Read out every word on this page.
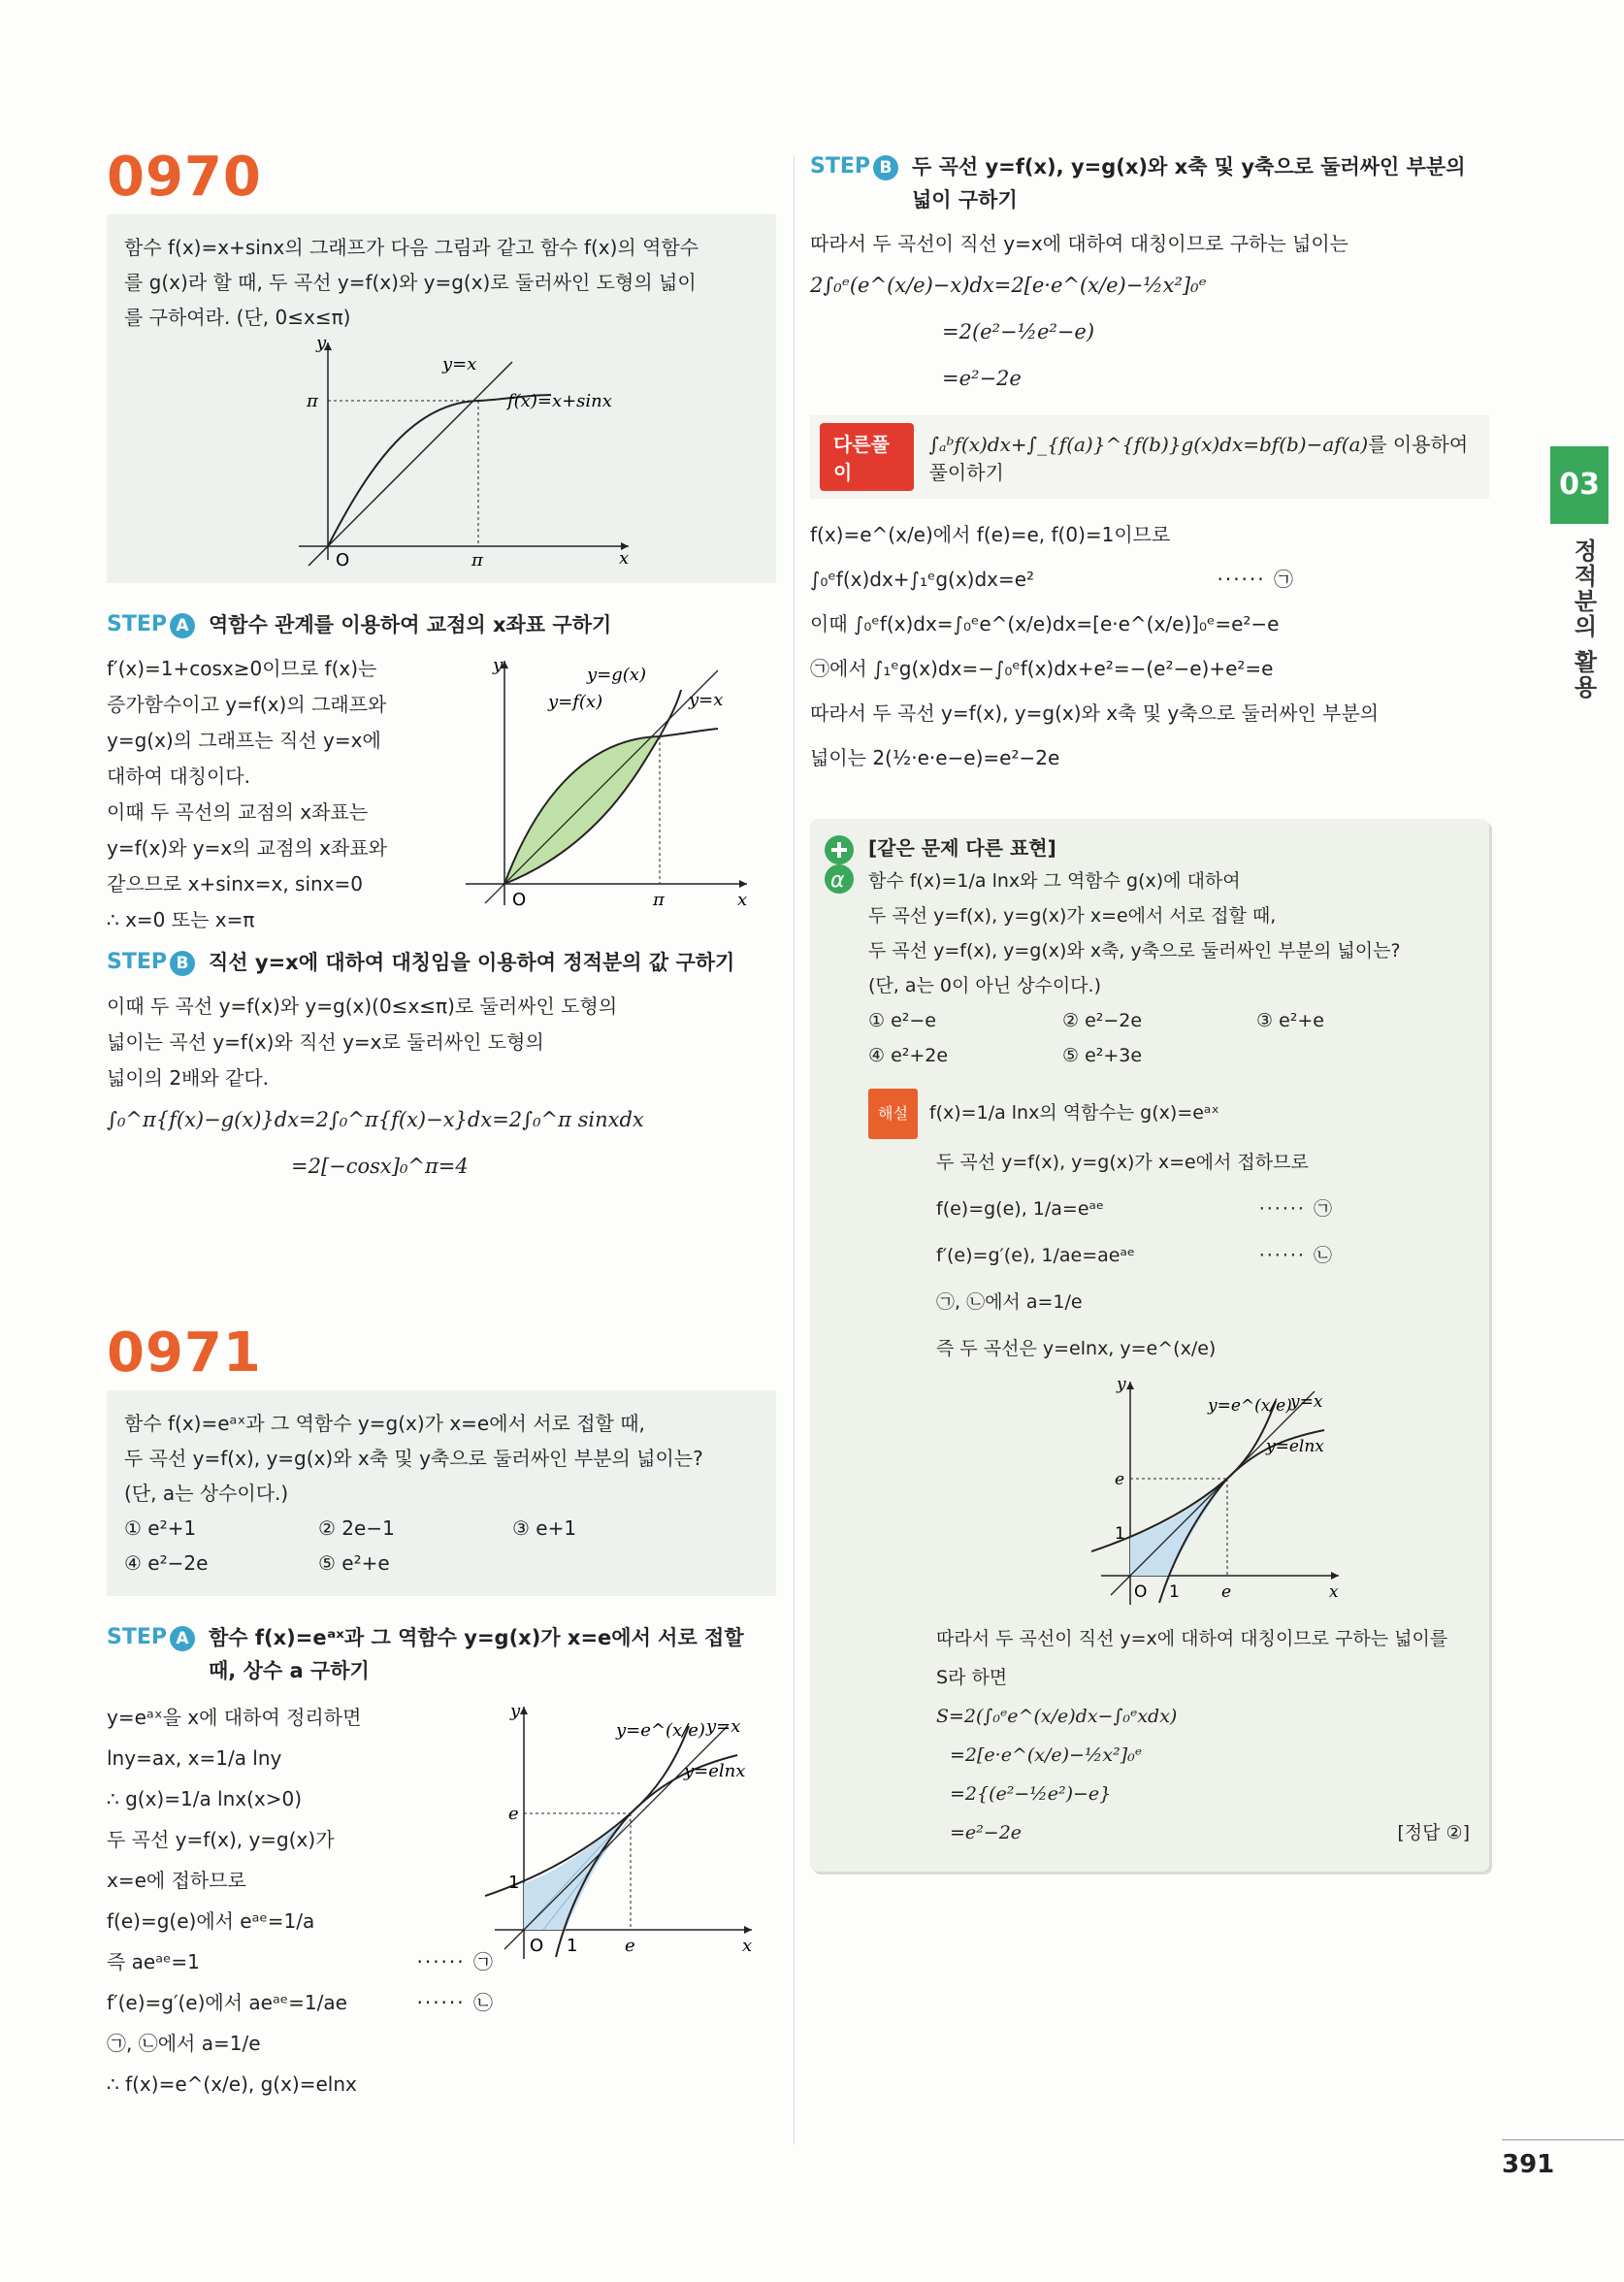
0970
함수 f(x)=x+sinx의 그래프가 다음 그림과 같고 함수 f(x)의 역함수
를 g(x)라 할 때, 두 곡선 y=f(x)와 y=g(x)로 둘러싸인 도형의 넓이
를 구하여라. (단, 0≤x≤π)
y
x
y=x
f(x)=x+sinx
π
π
O
STEP A 역함수 관계를 이용하여 교점의 x좌표 구하기
f′(x)=1+cosx≥0이므로 f(x)는
증가함수이고 y=f(x)의 그래프와
y=g(x)의 그래프는 직선 y=x에
대하여 대칭이다.
이때 두 곡선의 교점의 x좌표는
y=f(x)와 y=x의 교점의 x좌표와
같으므로 x+sinx=x, sinx=0
∴ x=0 또는 x=π
y=g(x)
y=f(x)	y=x
y
x
O	π
STEP B 직선 y=x에 대하여 대칭임을 이용하여 정적분의 값 구하기
이때 두 곡선 y=f(x)와 y=g(x)(0≤x≤π)로 둘러싸인 도형의
넓이는 곡선 y=f(x)와 직선 y=x로 둘러싸인 도형의
넓이의 2배와 같다.
∫₀^π{f(x)−g(x)}dx=2∫₀^π{f(x)−x}dx=2∫₀^π sinxdx
=2[−cosx]₀^π=4
0971
함수 f(x)=eᵃˣ과 그 역함수 y=g(x)가 x=e에서 서로 접할 때,
두 곡선 y=f(x), y=g(x)와 x축 및 y축으로 둘러싸인 부분의 넓이는?
(단, a는 상수이다.)
① e²+1	② 2e−1	③ e+1
④ e²−2e	⑤ e²+e
STEP A 함수 f(x)=eᵃˣ과 그 역함수 y=g(x)가 x=e에서 서로 접할
때, 상수 a 구하기
y=eᵃˣ을 x에 대하여 정리하면
lny=ax, x=1/a lny
∴ g(x)=1/a lnx(x>0)
두 곡선 y=f(x), y=g(x)가
x=e에 접하므로
f(e)=g(e)에서 eᵃᵉ=1/a
즉 aeᵃᵉ=1	······ ㉠
f′(e)=g′(e)에서 aeᵃᵉ=1/ae	······ ㉡
㉠, ㉡에서 a=1/e
∴ f(x)=e^(x/e), g(x)=elnx
y=e^(x/e) y=x
y=elnx
e
1
O 1	e	x
y
STEP B 두 곡선 y=f(x), y=g(x)와 x축 및 y축으로 둘러싸인 부분의
넓이 구하기
따라서 두 곡선이 직선 y=x에 대하여 대칭이므로 구하는 넓이는
2∫₀ᵉ(e^(x/e)−x)dx=2[e·e^(x/e)−½x²]₀ᵉ
=2(e²−½e²−e)
=e²−2e
다른풀이
∫ₐᵇf(x)dx+∫_{f(a)}^{f(b)}g(x)dx=bf(b)−af(a)를 이용하여 풀이하기
f(x)=e^(x/e)에서 f(e)=e, f(0)=1이므로
∫₀ᵉf(x)dx+∫₁ᵉg(x)dx=e²	······ ㉠
이때 ∫₀ᵉf(x)dx=∫₀ᵉe^(x/e)dx=[e·e^(x/e)]₀ᵉ=e²−e
㉠에서 ∫₁ᵉg(x)dx=−∫₀ᵉf(x)dx+e²=−(e²−e)+e²=e
따라서 두 곡선 y=f(x), y=g(x)와 x축 및 y축으로 둘러싸인 부분의
넓이는 2(½·e·e−e)=e²−2e
α
[같은 문제 다른 표현]
함수 f(x)=1/a lnx와 그 역함수 g(x)에 대하여
두 곡선 y=f(x), y=g(x)가 x=e에서 서로 접할 때,
두 곡선 y=f(x), y=g(x)와 x축, y축으로 둘러싸인 부분의 넓이는?
(단, a는 0이 아닌 상수이다.)
① e²−e	② e²−2e	③ e²+e
④ e²+2e	⑤ e²+3e
해설 f(x)=1/a lnx의 역함수는 g(x)=eᵃˣ
두 곡선 y=f(x), y=g(x)가 x=e에서 접하므로
f(e)=g(e), 1/a=eᵃᵉ	······ ㉠
f′(e)=g′(e), 1/ae=aeᵃᵉ	······ ㉡
㉠, ㉡에서 a=1/e
즉 두 곡선은 y=elnx, y=e^(x/e)
y=e^(x/e)
y=x
y=elnx
e
1
O 1	e	x
y
따라서 두 곡선이 직선 y=x에 대하여 대칭이므로 구하는 넓이를
S라 하면
S=2(∫₀ᵉe^(x/e)dx−∫₀ᵉxdx)
=2[e·e^(x/e)−½x²]₀ᵉ
=2{(e²−½e²)−e}
=e²−2e	[정답 ②]
03
정적분의 활용
391
